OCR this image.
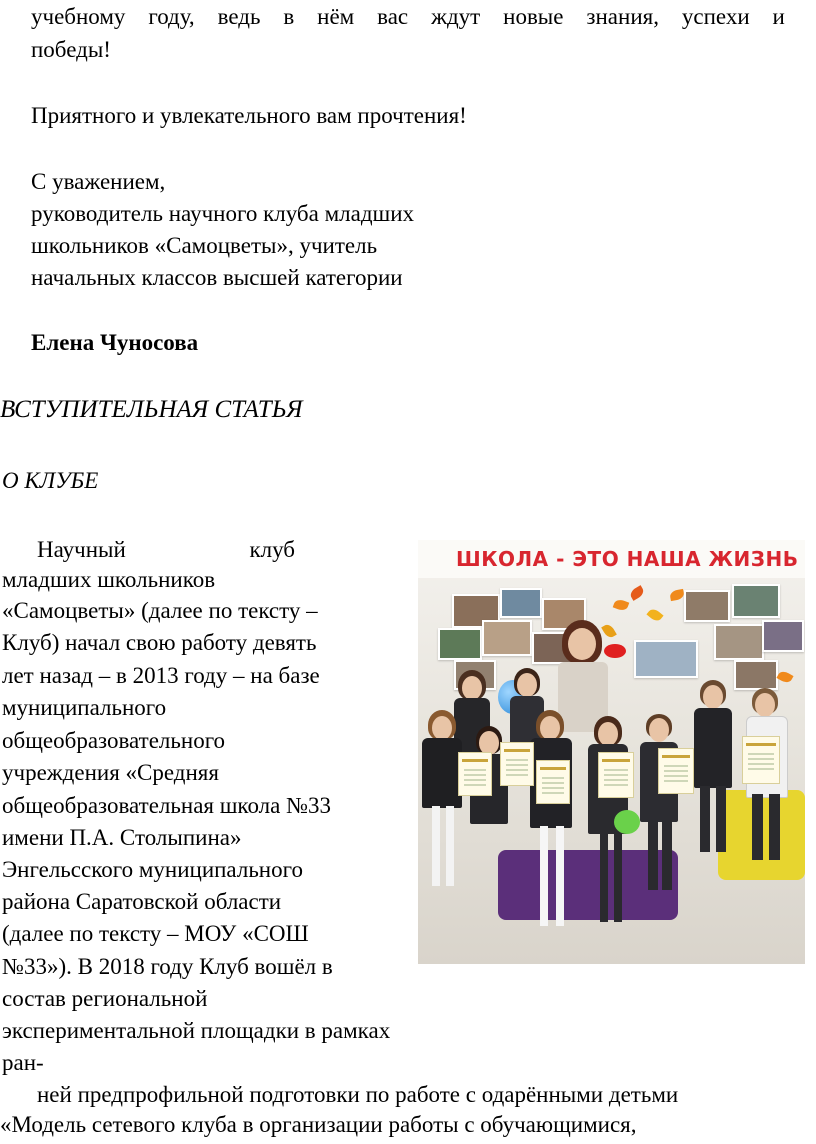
учебному году, ведь в нём вас ждут новые знания, успехи и
победы!
Приятного и увлекательного вам прочтения!
С уважением,
руководитель научного клуба младших
школьников «Самоцветы», учитель
начальных классов высшей категории
Елена Чуносова
ВСТУПИТЕЛЬНАЯ СТАТЬЯ
О КЛУБЕ
Научный	клуб
младших школьников
«Самоцветы» (далее по тексту –
Клуб) начал свою работу девять
лет назад – в 2013 году – на базе
муниципального
общеобразовательного
учреждения «Средняя
общеобразовательная школа №33
имени П.А. Столыпина»
Энгельсского муниципального
района Саратовской области
(далее по тексту – МОУ «СОШ
№33»). В 2018 году Клуб вошёл в
состав региональной
экспериментальной площадки в рамках
ран-
ней предпрофильной подготовки по работе с одарёнными детьми
«Модель сетевого клуба в организации работы с обучающимися,
ШКОЛА - ЭТО НАША ЖИЗНЬ
